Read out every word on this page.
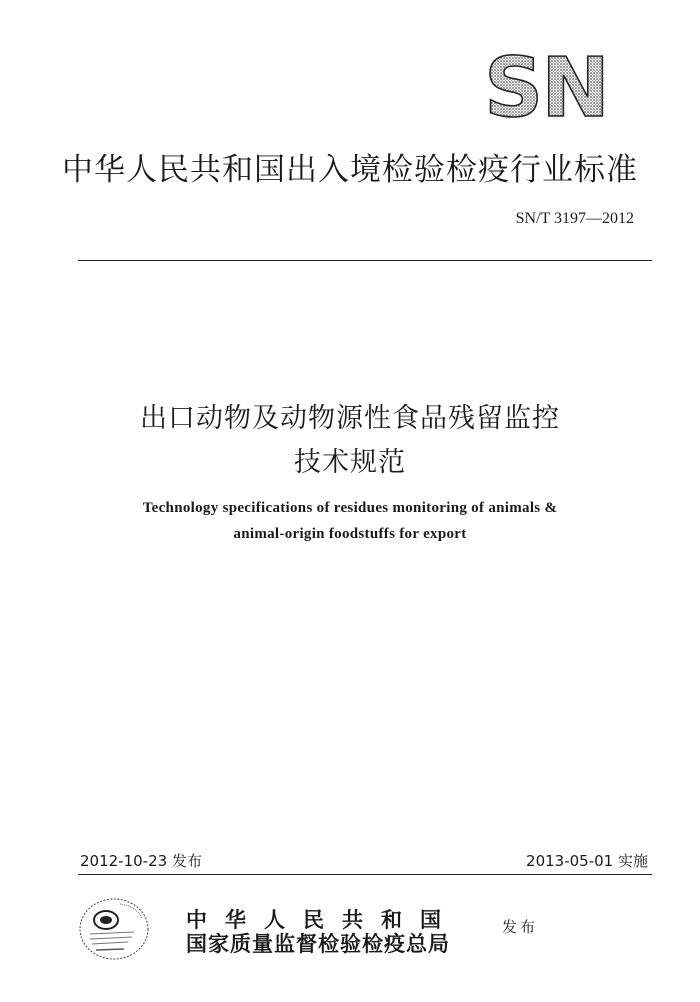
SN
中华人民共和国出入境检验检疫行业标准
SN/T 3197—2012
出口动物及动物源性食品残留监控
技术规范
Technology specifications of residues monitoring of animals &
animal-origin foodstuffs for export
2012-10-23 发布	2013-05-01 实施
中华人民共和国
国家质量监督检验检疫总局
发布
